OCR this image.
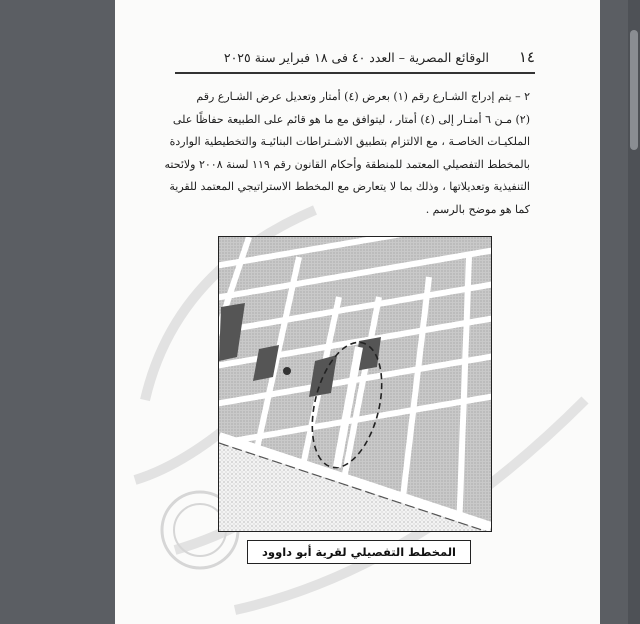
١٤
الوقائع المصرية – العدد ٤٠ فى ١٨ فبراير سنة ٢٠٢٥
٢ – يتم إدراج الشـارع رقم (١) بعرض (٤) أمتار وتعديل عرض الشـارع رقم
(٢) مـن ٦ أمتـار إلى (٤) أمتار ، ليتوافق مع ما هو قائم على الطبيعة حفاظًا على
الملكيـات الخاصـة ، مع الالتزام بتطبيق الاشـتراطات البنائيـة والتخطيطية الواردة
بالمخطط التفصيلي المعتمد للمنطقة وأحكام القانون رقم ١١٩ لسنة ٢٠٠٨ ولائحته
التنفيذية وتعديلاتها ، وذلك بما لا يتعارض مع المخطط الاستراتيجي المعتمد للقرية
كما هو موضح بالرسم .
المخطط التفصيلي لقرية أبو داوود
